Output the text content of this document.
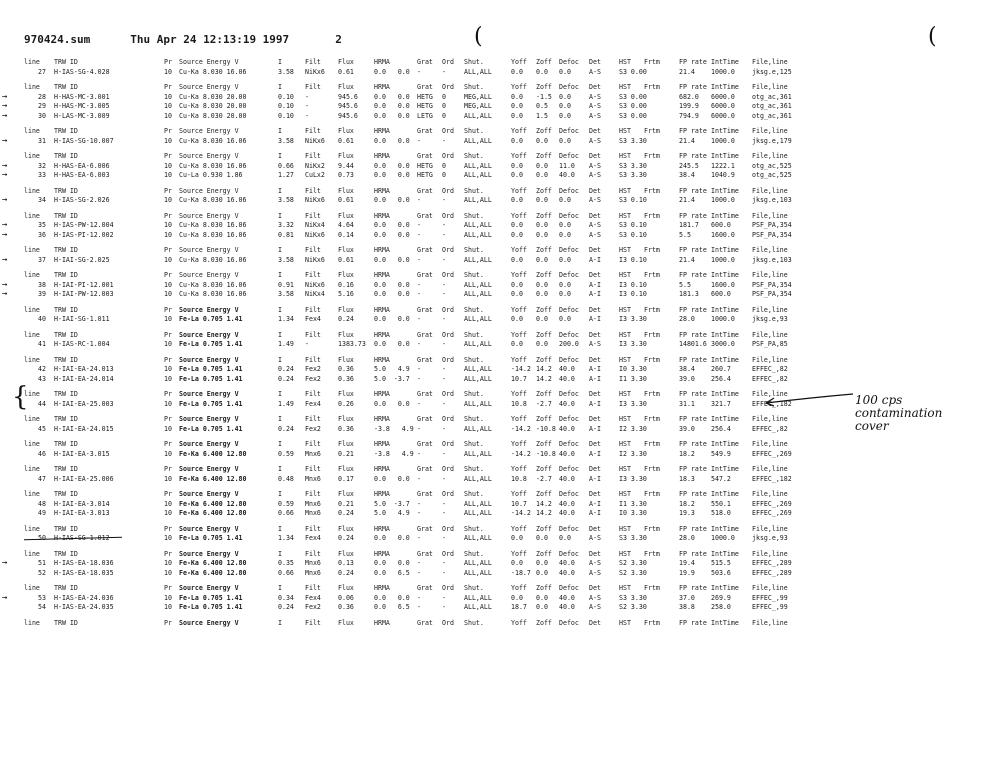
970424.sum	Thu Apr 24 12:13:19 1997	2	(	(
line TRW ID	Pr Source Energy V	I	Filt	Flux	HRMA	Grat Ord Shut.	Yoff Zoff Defoc Det	HST Frtm	FP rate IntTime File,line
27 H-IAS-SG-4.028	10 Cu-Ka 8.030 16.06	3.58 NiKx6 0.61	0.0   0.0 -	-	ALL,ALL	0.0 0.0 0.0	A-S	S3 0.00	21.4 1000.0	jksg.e,125
line TRW ID	Pr Source Energy V	I	Filt	Flux	HRMA	Grat Ord Shut.	Yoff Zoff Defoc Det	HST Frtm	FP rate IntTime File,line
→	28 H-HAS-MC-3.001	10 Cu-Ka 8.030 20.00	0.10 -	945.6 0.0   0.0 HETG 0	MEG,ALL	0.0 -1.5 0.0	A-S	S3 0.00	682.0 6000.0	otg_ac,361
→	29 H-HAS-MC-3.005	10 Cu-Ka 8.030 20.00	0.10 -	945.6 0.0   0.0 HETG 0	MEG,ALL	0.0 0.5 0.0	A-S	S3 0.00	199.9 6000.0	otg_ac,361
→	30 H-LAS-MC-3.009	10 Cu-Ka 8.030 20.00	0.10 -	945.6 0.0   0.0 LETG 0	ALL,ALL	0.0 1.5 0.0	A-S	S3 0.00	794.9 6000.0	otg_ac,361
line TRW ID	Pr Source Energy V	I	Filt	Flux	HRMA	Grat Ord Shut.	Yoff Zoff Defoc Det	HST Frtm	FP rate IntTime File,line
→	31 H-IAS-SG-10.007	10 Cu-Ka 8.030 16.06	3.58 NiKx6 0.61	0.0   0.0 -	-	ALL,ALL	0.0 0.0 0.0	A-S	S3 3.30	21.4 1000.0	jksg.e,179
line TRW ID	Pr Source Energy V	I	Filt	Flux	HRMA	Grat Ord Shut.	Yoff Zoff Defoc Det	HST Frtm	FP rate IntTime File,line
→	32 H-HAS-EA-6.006	10 Cu-Ka 8.030 16.06	0.66 NiKx2 9.44	0.0   0.0 HETG 0	ALL,ALL	0.0 0.0 11.0 A-S	S3 3.30	245.5 1222.1	otg_ac,525
→	33 H-HAS-EA-6.003	10 Cu-La 0.930 1.86	1.27 CuLx2 0.73	0.0   0.0 HETG 0	ALL,ALL	0.0 0.0 40.0 A-S	S3 3.30	38.4 1040.9	otg_ac,525
line TRW ID	Pr Source Energy V	I	Filt	Flux	HRMA	Grat Ord Shut.	Yoff Zoff Defoc Det	HST Frtm	FP rate IntTime File,line
→	34 H-IAS-SG-2.026	10 Cu-Ka 8.030 16.06	3.58 NiKx6 0.61	0.0   0.0 -	-	ALL,ALL	0.0 0.0 0.0	A-S	S3 0.10	21.4 1000.0	jksg.e,103
line TRW ID	Pr Source Energy V	I	Filt	Flux	HRMA	Grat Ord Shut.	Yoff Zoff Defoc Det	HST Frtm	FP rate IntTime File,line
→	35 H-IAS-PW-12.004	10 Cu-Ka 8.030 16.06	3.32 NiKx4 4.64	0.0   0.0 -	-	ALL,ALL	0.0 0.0 0.0	A-S	S3 0.10	181.7 600.0	PSF_PA,354
→	36 H-IAS-PI-12.002	10 Cu-Ka 8.030 16.06	0.81 NiKx6 0.14	0.0   0.0 -	-	ALL,ALL	0.0 0.0 0.0	A-S	S3 0.10	5.5	1600.0	PSF_PA,354
line TRW ID	Pr Source Energy V	I	Filt	Flux	HRMA	Grat Ord Shut.	Yoff Zoff Defoc Det	HST Frtm	FP rate IntTime File,line
→	37 H-IAI-SG-2.025	10 Cu-Ka 8.030 16.06	3.58 NiKx6 0.61	0.0   0.0 -	-	ALL,ALL	0.0 0.0 0.0	A-I	I3 0.10	21.4 1000.0	jksg.e,103
line TRW ID	Pr Source Energy V	I	Filt	Flux	HRMA	Grat Ord Shut.	Yoff Zoff Defoc Det	HST Frtm	FP rate IntTime File,line
→	38 H-IAI-PI-12.001	10 Cu-Ka 8.030 16.06	0.91 NiKx6 0.16	0.0   0.0 -	-	ALL,ALL	0.0 0.0 0.0	A-I	I3 0.10	5.5	1600.0	PSF_PA,354
→	39 H-IAI-PW-12.003	10 Cu-Ka 8.030 16.06	3.58 NiKx4 5.16	0.0   0.0 -	-	ALL,ALL	0.0 0.0 0.0	A-I	I3 0.10	181.3 600.0	PSF_PA,354
line TRW ID	Pr Source Energy V	I	Filt	Flux	HRMA	Grat Ord Shut.	Yoff Zoff Defoc Det	HST Frtm	FP rate IntTime File,line
40 H-IAI-SG-1.011	10 Fe-La 0.705 1.41	1.34 Fex4	0.24	0.0   0.0 -	-	ALL,ALL	0.0 0.0 0.0	A-I	I3 3.30	28.0 1000.0	jksg.e,93
line TRW ID	Pr Source Energy V	I	Filt	Flux	HRMA	Grat Ord Shut.	Yoff Zoff Defoc Det	HST Frtm	FP rate IntTime File,line
41 H-IAS-RC-1.004	10 Fe-La 0.705 1.41	1.49 -	1383.73 0.0   0.0 -	-	ALL,ALL	0.0 0.0 200.0 A-S	I3 3.30	14801.6 3000.0	PSF_PA,85
line TRW ID	Pr Source Energy V	I	Filt	Flux	HRMA	Grat Ord Shut.	Yoff Zoff Defoc Det	HST Frtm	FP rate IntTime File,line
42 H-IAI-EA-24.013	10 Fe-La 0.705 1.41	0.24 Fex2	0.36	5.0   4.9 -	-	ALL,ALL	-14.2 14.2 40.0 A-I	I0 3.30	38.4 260.7	EFFEC_,82
43 H-IAI-EA-24.014	10 Fe-La 0.705 1.41	0.24 Fex2	0.36	5.0  -3.7 -	-	ALL,ALL	10.7 14.2 40.0 A-I	I1 3.30	39.0 256.4	EFFEC_,82
line TRW ID	Pr Source Energy V	I	Filt	Flux	HRMA	Grat Ord Shut.	Yoff Zoff Defoc Det	HST Frtm	FP rate IntTime File,line
44 H-IAI-EA-25.003	10 Fe-La 0.705 1.41	1.49 Fex4	0.26	0.0   0.0 -	-	ALL,ALL	10.8 -2.7 40.0 A-I	I3 3.30	31.1 321.7	EFFEC_,182
line TRW ID	Pr Source Energy V	I	Filt	Flux	HRMA	Grat Ord Shut.	Yoff Zoff Defoc Det	HST Frtm	FP rate IntTime File,line
45 H-IAI-EA-24.015	10 Fe-La 0.705 1.41	0.24 Fex2	0.36	-3.8   4.9 -	-	ALL,ALL	-14.2 -10.8 40.0 A-I	I2 3.30	39.0 256.4	EFFEC_,82
line TRW ID	Pr Source Energy V	I	Filt	Flux	HRMA	Grat Ord Shut.	Yoff Zoff Defoc Det	HST Frtm	FP rate IntTime File,line
46 H-IAI-EA-3.015	10 Fe-Ka 6.400 12.80	0.59 Mnx6	0.21	-3.8   4.9 -	-	ALL,ALL	-14.2 -10.8 40.0 A-I	I2 3.30	18.2 549.9	EFFEC_,269
line TRW ID	Pr Source Energy V	I	Filt	Flux	HRMA	Grat Ord Shut.	Yoff Zoff Defoc Det	HST Frtm	FP rate IntTime File,line
47 H-IAI-EA-25.006	10 Fe-Ka 6.400 12.80	0.48 Mnx6	0.17	0.0   0.0 -	-	ALL,ALL	10.8 -2.7 40.0 A-I	I3 3.30	18.3 547.2	EFFEC_,182
line TRW ID	Pr Source Energy V	I	Filt	Flux	HRMA	Grat Ord Shut.	Yoff Zoff Defoc Det	HST Frtm	FP rate IntTime File,line
48 H-IAI-EA-3.014	10 Fe-Ka 6.400 12.80	0.59 Mnx6	0.21	5.0  -3.7 -	-	ALL,ALL	10.7 14.2 40.0 A-I	I1 3.30	18.2 550.1	EFFEC_,269
49 H-IAI-EA-3.013	10 Fe-Ka 6.400 12.80	0.66 Mnx6	0.24	5.0   4.9 -	-	ALL,ALL	-14.2 14.2 40.0 A-I	I0 3.30	19.3 518.0	EFFEC_,269
line TRW ID	Pr Source Energy V	I	Filt	Flux	HRMA	Grat Ord Shut.	Yoff Zoff Defoc Det	HST Frtm	FP rate IntTime File,line
50 H-IAS-SG-1.012	10 Fe-La 0.705 1.41	1.34 Fex4	0.24	0.0   0.0 -	-	ALL,ALL	0.0 0.0 0.0	A-S	S3 3.30	28.0 1000.0	jksg.e,93
line TRW ID	Pr Source Energy V	I	Filt	Flux	HRMA	Grat Ord Shut.	Yoff Zoff Defoc Det	HST Frtm	FP rate IntTime File,line
→	51 H-IAS-EA-18.036	10 Fe-Ka 6.400 12.80	0.35 Mnx6	0.13	0.0   0.0 -	-	ALL,ALL	0.0 0.0 40.0 A-S	S2 3.30	19.4 515.5	EFFEC_,289
52 H-IAS-EA-18.035	10 Fe-Ka 6.400 12.80	0.66 Mnx6	0.24	0.0   6.5 -	-	ALL,ALL	-18.7 0.0 40.0 A-S	S2 3.30	19.9 503.6	EFFEC_,289
line TRW ID	Pr Source Energy V	I	Filt	Flux	HRMA	Grat Ord Shut.	Yoff Zoff Defoc Det	HST Frtm	FP rate IntTime File,line
→	53 H-IAS-EA-24.036	10 Fe-La 0.705 1.41	0.34 Fex4	0.06	0.0   0.0 -	-	ALL,ALL	0.0 0.0 40.0 A-S	S3 3.30	37.0 269.9	EFFEC_,99
54 H-IAS-EA-24.035	10 Fe-La 0.705 1.41	0.24 Fex2	0.36	0.0   6.5 -	-	ALL,ALL	18.7 0.0 40.0 A-S	S2 3.30	38.8 258.0	EFFEC_,99
line TRW ID	Pr Source Energy V	I	Filt	Flux	HRMA	Grat Ord Shut.	Yoff Zoff Defoc Det	HST Frtm	FP rate IntTime File,line
{	100 cps
contamination
cover
